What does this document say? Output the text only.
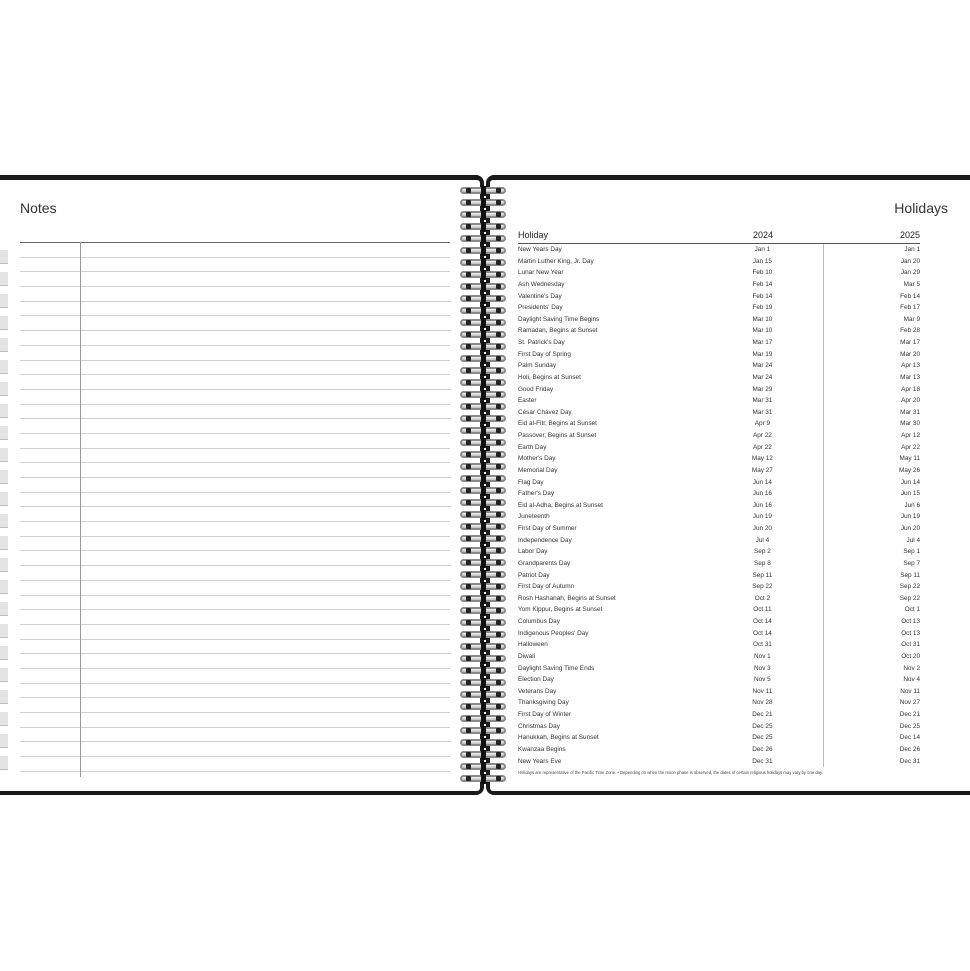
Notes	Holidays
Holiday	2024	2025
New Years Day	Jan 1	Jan 1
Martin Luther King, Jr. Day	Jan 15	Jan 20
Lunar New Year	Feb 10	Jan 29
Ash Wednesday	Feb 14	Mar 5
Valentine's Day	Feb 14	Feb 14
Presidents' Day	Feb 19	Feb 17
Daylight Saving Time Begins	Mar 10	Mar 9
Ramadan, Begins at Sunset	Mar 10	Feb 28
St. Patrick's Day	Mar 17	Mar 17
First Day of Spring	Mar 19	Mar 20
Palm Sunday	Mar 24	Apr 13
Holi, Begins at Sunset	Mar 24	Mar 13
Good Friday	Mar 29	Apr 18
Easter	Mar 31	Apr 20
César Chávez Day	Mar 31	Mar 31
Eid al-Fitr, Begins at Sunset	Apr 9	Mar 30
Passover, Begins at Sunset	Apr 22	Apr 12
Earth Day	Apr 22	Apr 22
Mother's Day	May 12	May 11
Memorial Day	May 27	May 26
Flag Day	Jun 14	Jun 14
Father's Day	Jun 16	Jun 15
Eid al-Adha, Begins at Sunset	Jun 16	Jun 6
Juneteenth	Jun 19	Jun 19
First Day of Summer	Jun 20	Jun 20
Independence Day	Jul 4	Jul 4
Labor Day	Sep 2	Sep 1
Grandparents Day	Sep 8	Sep 7
Patriot Day	Sep 11	Sep 11
First Day of Autumn	Sep 22	Sep 22
Rosh Hashanah, Begins at Sunset	Oct 2	Sep 22
Yom Kippur, Begins at Sunset	Oct 11	Oct 1
Columbus Day	Oct 14	Oct 13
Indigenous Peoples' Day	Oct 14	Oct 13
Halloween	Oct 31	Oct 31
Diwali	Nov 1	Oct 20
Daylight Saving Time Ends	Nov 3	Nov 2
Election Day	Nov 5	Nov 4
Veterans Day	Nov 11	Nov 11
Thanksgiving Day	Nov 28	Nov 27
First Day of Winter	Dec 21	Dec 21
Christmas Day	Dec 25	Dec 25
Hanukkah, Begins at Sunset	Dec 25	Dec 14
Kwanzaa Begins	Dec 26	Dec 26
New Years Eve	Dec 31	Dec 31
Holidays are representative of the Pacific Time Zone. • Depending on when the moon phase is observed, the dates of certain religious holidays may vary by one day.
